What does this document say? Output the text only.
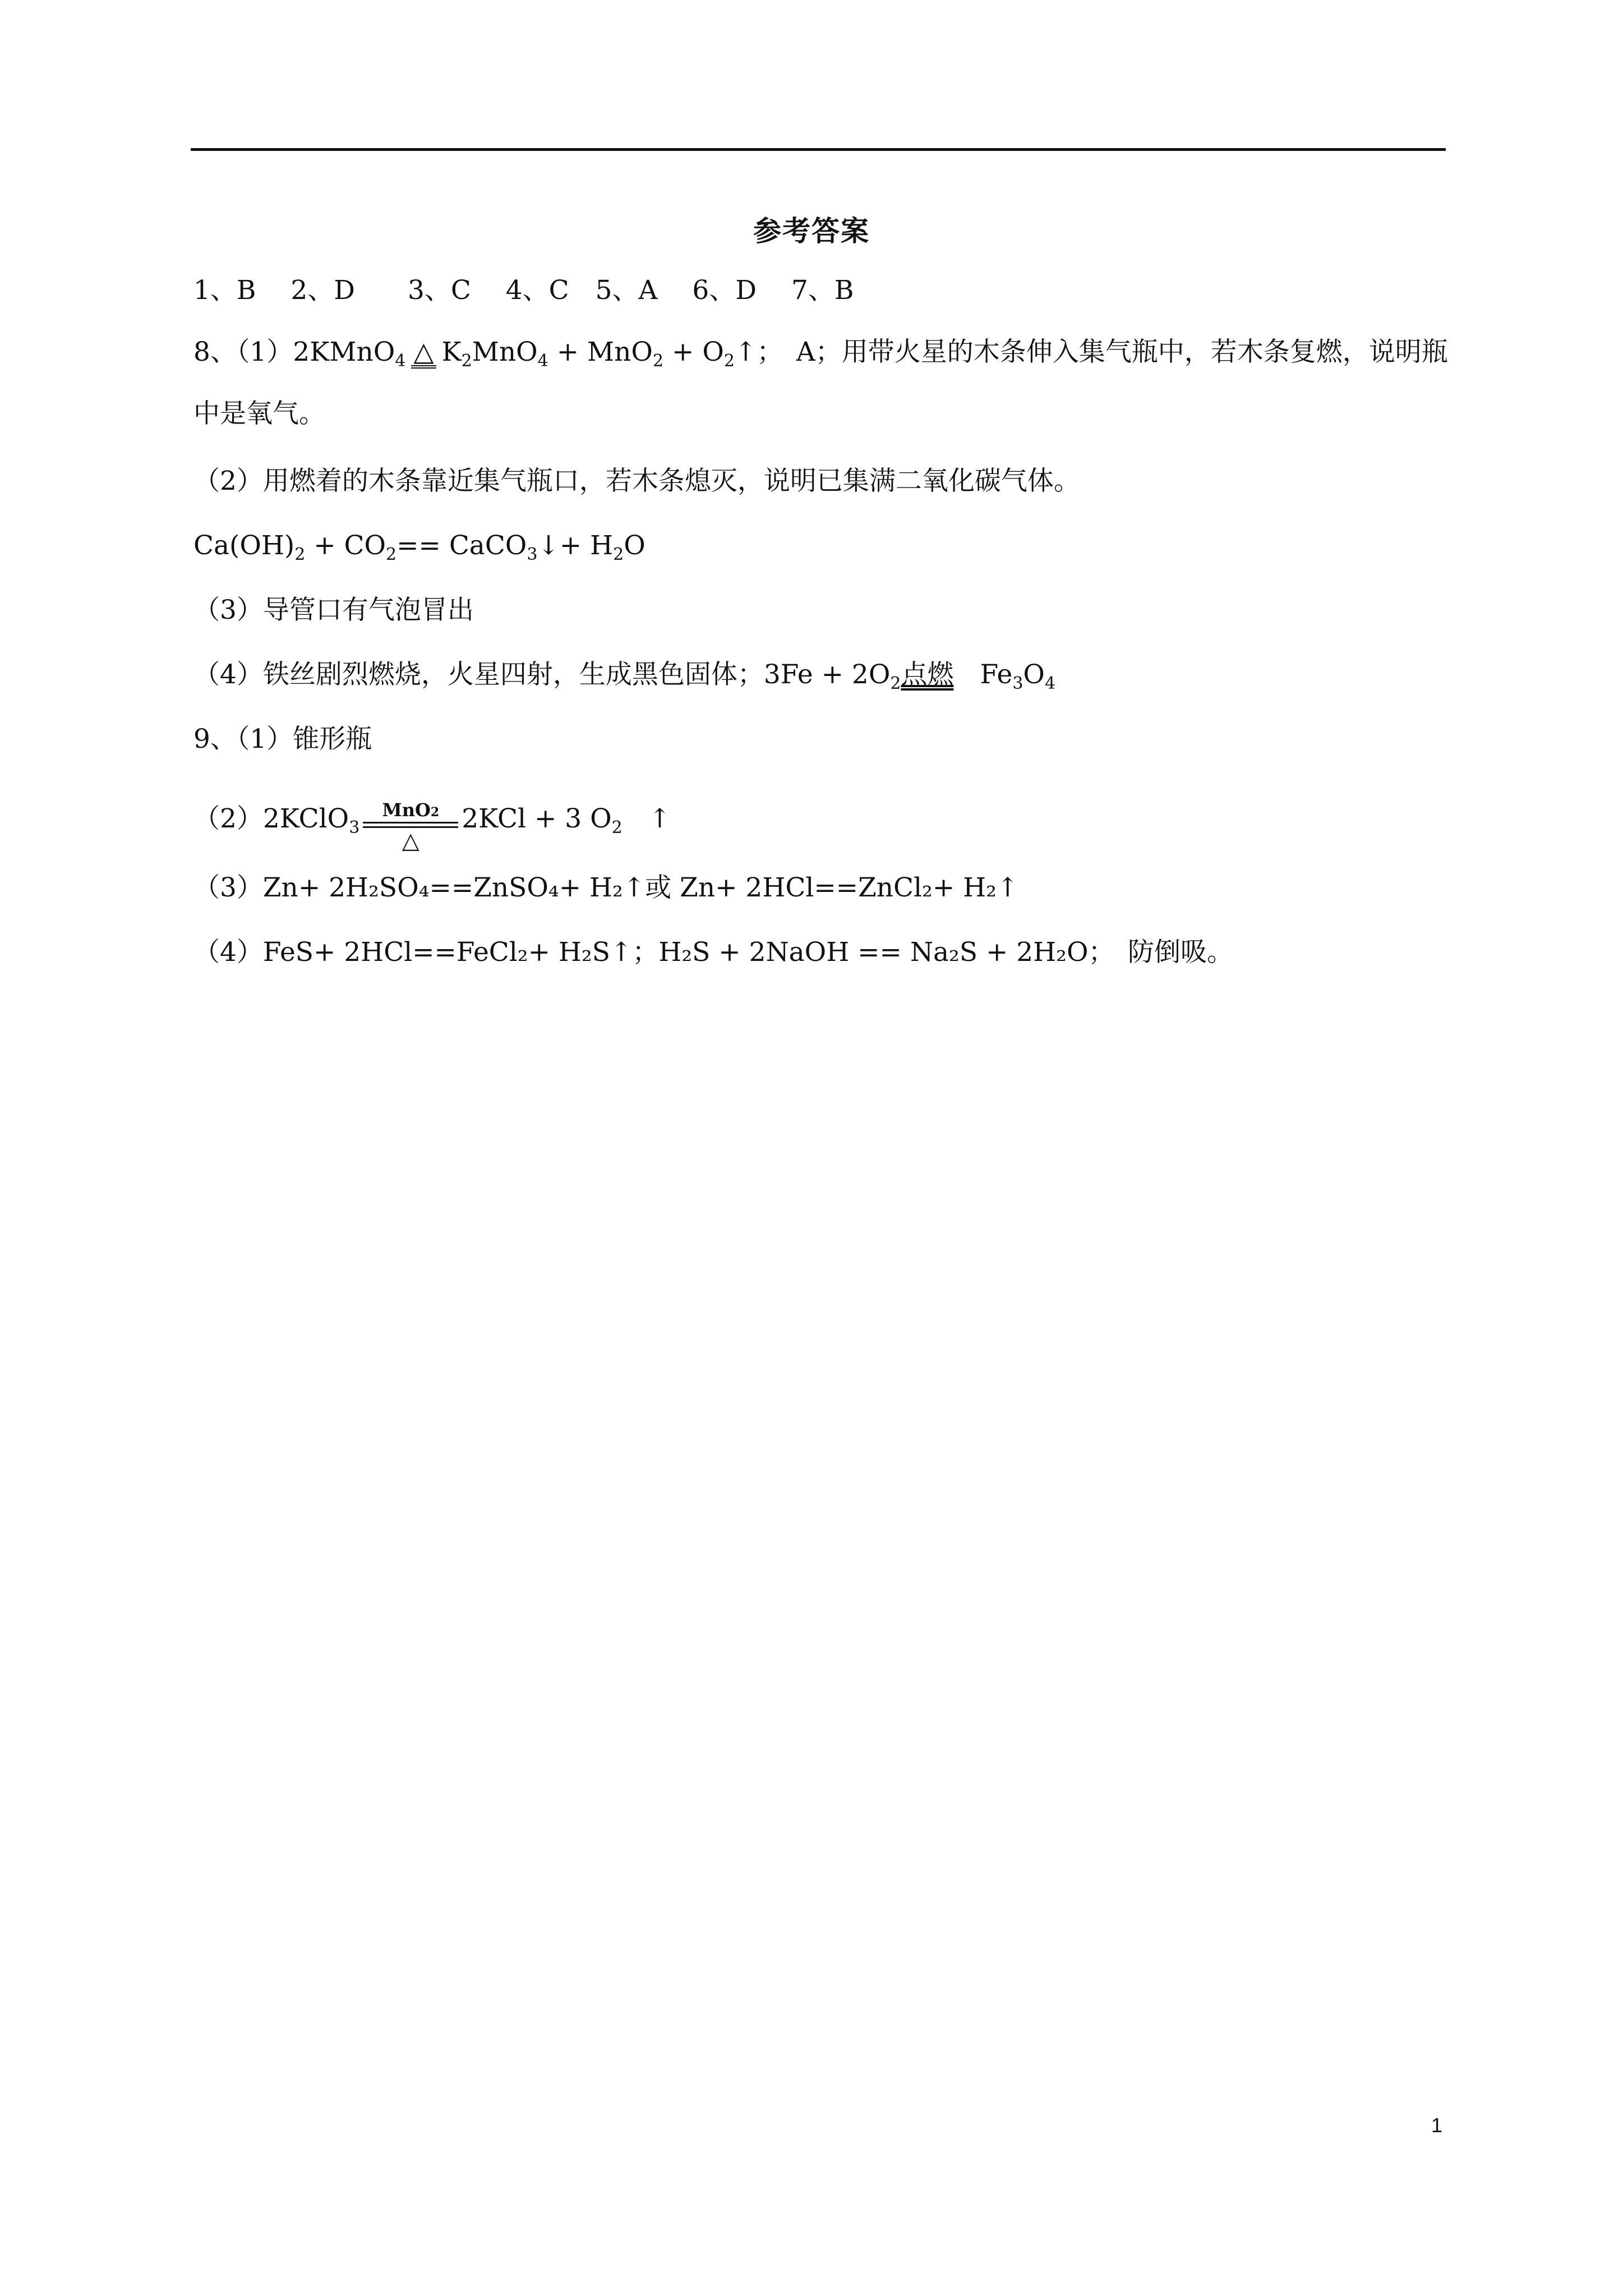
参考答案
1、B　 2、D　　3、C　 4、C　5、A　 6、D　 7、B
8、（1）2KMnO$_4$ △ $K_2MnO_4 + MnO_2$ + $O_2↑$；　A；用带火星的木条伸入集气瓶中，若木条复燃，说明瓶
中是氧气。
（2）用燃着的木条靠近集气瓶口，若木条熄灭，说明已集满二氧化碳气体。
$Ca(OH)_2 + CO_2==$ CaCO$_3$↓+ $H_2O$
（3）导管口有气泡冒出
（4）铁丝剧烈燃烧，火星四射，生成黑色固体；$3Fe + 2O_2$点燃　 $Fe_3O_4$
9、（1）锥形瓶
（2）2KClO$_3$
MnO2
△
2KCl + 3 $O_2$　 ↑
（3）Zn+ 2H₂SO₄==ZnSO₄+ H₂↑或 Zn+ 2HCl==ZnCl₂+ H₂↑
（4）FeS+ 2HCl==FeCl₂+ H₂S↑；H₂S + 2NaOH == Na₂S + 2H₂O；　防倒吸。
1
